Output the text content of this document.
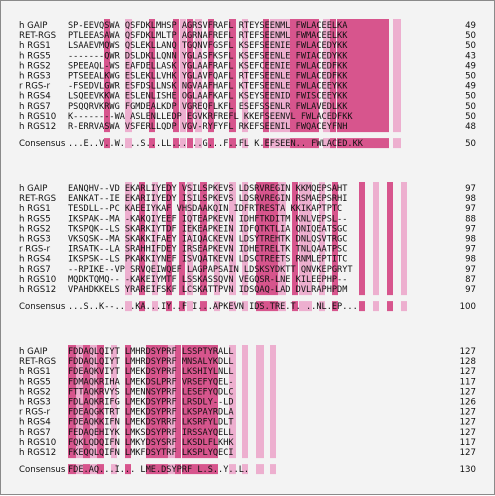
h GAIP SP-EEVQSWA QSFDKLMHSP AGRSVFRAFL RTEYSEENML FWLACEELKA	49
RET-RGS PTLEEASAWA QSFDKLMLTP AGRNAFREFL RTEFSEENML FWMACEELKK	50
h RGS1 LSAAEVMQWS QSLEKLLANQ TGQNVFGSFL KSEFSEENIE FWLACEDYKK	50
h RGS5 -------QWR DSLDKLLQNN YGLASFKSFL KSEFSEENLE FWIACEDYKK	43
h RGS2 SPEEAQL-WS EAFDELLASK YGLAAFRAFL KSEFCEENIE FWLACEDFKK	49
h RGS3 PTSEEALKWG ESLEKLLVHK YGLAVFQAFL RTEFSEENLE FWLACEDFKK	50
r RGS-r -FSEDVLGWR ESFDSLLNSK NGVAAFHAFL KTEFSEENLE FWLACEEYKK	49
h RGS4 LSQEEVKKWA ESLENLISHE OGLAAFKAFL KSEYSEENID FWISCEEYKK	50
h RGS7 PSQQRVKRWG FGMDEALKDP VGREQFLKFL ESEFSSENLR FWLAVEDLKK	50
h RGS10 K--------WA ASLENLLEDP EGVKRFREFL KKEFSEENVL FWLACEDFKK	50
h RGS12 R-ERRVASWA VSFERLLQDP VGV-RYFYFL RKEFSEENIL FWQACEYFNH	48
Consensus ...E..V..W. ..S...LL... ..G...F..FL K.EFSEEN.. FWLACED.KK	50
h GAIP EANQHV--VD EKARLIYEDY VSILSPKEVS LDSRVREGIN KKMQEPSAHT	97
RET-RGS EANKAT--IE EKARIIYEDY ISILSPKEVS LDSRVREGIN RSMAEPSRHI	98
h RGS1 TESDLL--PC KAEEIYKAF VHSDAAKQIN IDFRTRESTA KKIKAPTPTC	97
h RGS5 IKSPAK--MA -KAKQIYEEF IQTEAPKEVN IDHFTKDITM KNLVEPSL--	88
h RGS2 TKSPQK--LS SKARKIYTDF IEKEAPKEIN IDFQTKTLIA QNIQEATSGC	97
h RGS3 VKSQSK--MA SKAKKIFAEY IAIQACKEVN LDSYTREHTK DNLQSVTRGC	98
r RGS-r IRSATK--LA SRAHHIFDEY IRSEAPKEVN IDHETRELTK TNLQAATPSC	97
h RGS4 IKSPSK--LS PKAKKIYNEF ISVQATKEVN LDSCTREETS RNMLEPTITC	98
h RGS7 --RPIKE--VP SRVQEIWQEF LAGPAPSAIN LDSKSYDKTT QNVKEPGRYT	97
h RGS10 MQDKTQMQ-- -KAKEIYMTF LSSKASSQVN VEGQSR-LNE KILEEPHP--	87
h RGS12 VPAHDKKELS YRAREIFSKF LCSKATTPVN IDSQAQ-LAD DVLRAPHPDM	97
Consensus ...S..K--.. .KA...IY..F I...APKEVN IDS.TRE.T. ..NL.EP...	100
h GAIP FDDAQLQIYT LMHRDSYPRF LSSPTYRALL	127
RET-RGS FDDAQLQIYT LMHRDSYPRF MNSALYKDLL	128
h RGS1 FDEAQKVIYT LMEKDSYPRF LKSHIYLNLL	127
h RGS5 FDMAQKRIHA LMEKDSLPRF VRSEFYQEL-	117
h RGS2 FTTAQKRVYS LMENNSYPRF LESEFYQDLC	127
h RGS3 FDLAQKRIFG LMEKDSYPRF LRSDLY--LD	126
r RGS-r FDEAQGKTRT LMEKDSYPRF LKSPAYRDLA	127
h RGS4 FDEAQKKIFN LMEKDSYRRF LKSRFYLDLT	127
h RGS7 FEDAQEHIYK LMKSDSYPRF IRSSAYQELL	127
h RGS10 FQKLQDQIFN LMKYDSYSRF LKSDLFLKHK	117
h RGS12 FKEQQLQIFN LMKFDSYTRF LKSPLYQECI	127
Consensus FDE.AQ...I... LME.DSYPRF L.S..Y..L.	130
